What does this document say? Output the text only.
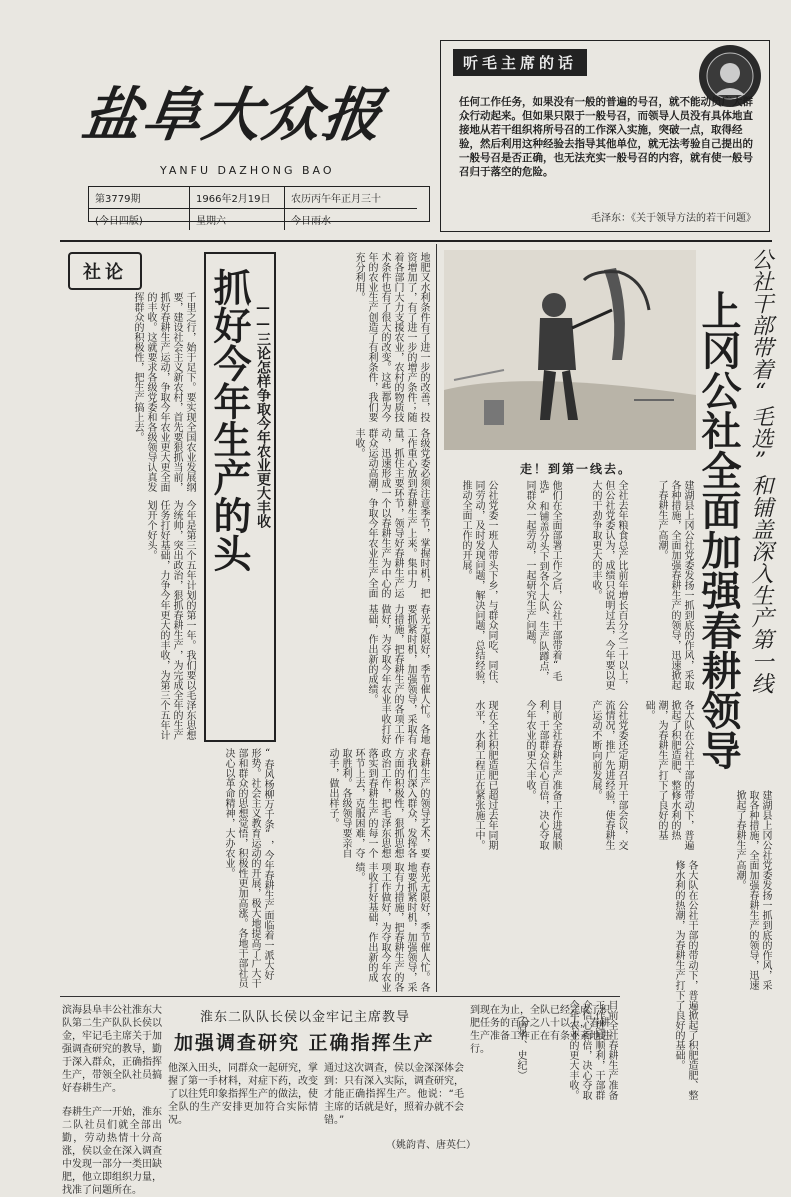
盐阜大众报
YANFU DAZHONG BAO
第3779期	1966年2月19日	农历丙午年正月三十
(今日四版)	星期六	今日雨水
听毛主席的话
任何工作任务，如果没有一般的普遍的号召，就不能动员广大群众行动起来。但如果只限于一般号召，而领导人员没有具体地直接地从若干组织将所号召的工作深入实施，突破一点，取得经验，然后利用这种经验去指导其他单位，就无法考验自己提出的一般号召是否正确，也无法充实一般号召的内容，就有使一般号召归于落空的危险。
毛泽东：《关于领导方法的若干问题》
社论
千里之行，始于足下。要实现全国农业发展纲要，建设社会主义新农村，首先要狠抓当前，抓好春耕生产运动，争取今年农业更大更全面的丰收。这就要求各级党委和各级领导认真发挥群众的积极性，把生产搞上去。
今年是第三个五年计划的第一年。我们要以毛泽东思想为统帅，突出政治，狠抓春耕生产，为完成全年的生产任务打好基础，力争今年更大的丰收，为第三个五年计划开个好头。
“春风杨柳万千条”，今年春耕生产面临着一派大好形势。社会主义教育运动的开展，极大地提高了广大干部和群众的思想觉悟，积极性更加高涨。各地干部社员决心以革命精神，大办农业。
抓好今年生产的头 ——三论怎样争取今年农业更大丰收	地肥又水利条件有了进一步的改善，投资增加了，有了进一步的增产条件；随着各部门大力支援农业，农村的物质技术条件也有了很大的改变。这些都为今年的农业生产创造了有利条件，我们要充分利用。
各级党委必须注意季节，掌握时机，把工作重心放到春耕生产上来。集中力量，抓住主要环节，领导好春耕生产运动，迅速形成一个以春耕生产为中心的群众运动高潮，争取今年农业生产全面丰收。
春耕生产的领导艺术，要求我们深入群众，发挥各方面的积极性，狠抓思想政治工作，把毛泽东思想落实到春耕生产的每一个环节上去，克服困难，夺取胜利。各级领导要亲自动手，做出样子。
春光无限好，季节催人忙。各地要抓紧时机，加强领导，采取有力措施，把春耕生产的各项工作做好，为夺取今年农业丰收打好基础，作出新的成绩。
春光无限好，季节催人忙。各地要抓紧时机，加强领导，采取有力措施，把春耕生产的各项工作做好，为夺取今年农业丰收打好基础，作出新的成绩。
走！到第一线去。	公社干部带着“毛选”和铺盖深入生产第一线
上冈公社全面加强春耕领导
建湖县上冈公社党委发扬一抓到底的作风，采取各种措施，全面加强春耕生产的领导，迅速掀起了春耕生产高潮。
全社去年粮食总产比前年增长百分之二十以上，但公社党委认为，成绩只说明过去，今年要以更大的干劲争取更大的丰收。
他们在全面部署工作之后，公社干部带着“毛选”和铺盖分头下到各个大队、生产队蹲点，同群众一起劳动，一起研究生产问题。
公社党委一班人带头下乡，与群众同吃、同住、同劳动，及时发现问题，解决问题，总结经验，推动全面工作的开展。
各大队在公社干部的带动下，普遍掀起了积肥造肥、整修水利的热潮，为春耕生产打下了良好的基础。
公社党委还定期召开干部会议，交流情况，推广先进经验，使春耕生产运动不断向前发展。
目前全社春耕生产准备工作进展顺利，干部群众信心百倍，决心夺取今年农业的更大丰收。
现在全社积肥造肥已超过去年同期水平，水利工程正在紧张施工中。
建湖县上冈公社党委发扬一抓到底的作风，采取各种措施，全面加强春耕生产的领导，迅速掀起了春耕生产高潮。
各大队在公社干部的带动下，普遍掀起了积肥造肥、整修水利的热潮，为春耕生产打下了良好的基础。
目前全社春耕生产准备工作进展顺利，干部群众信心百倍，决心夺取今年农业的更大丰收。
（唐华、史纪）
滨海县阜丰公社淮东大队第二生产队队长侯以金，牢记毛主席关于加强调查研究的教导，勤于深入群众，正确指挥生产，带领全队社员搞好春耕生产。
淮东二队队长侯以金牢记主席教导
加强调查研究 正确指挥生产
春耕生产一开始，淮东二队社员们就全部出勤，劳动热情十分高涨，侯以金在深入调查中发现一部分一类田缺肥，他立即组织力量，找准了问题所在。
他深入田头，同群众一起研究，掌握了第一手材料，对症下药，改变了以往凭印象指挥生产的做法，使全队的生产安排更加符合实际情况。
通过这次调查，侯以金深深体会到：只有深入实际，调查研究，才能正确指挥生产。他说：“毛主席的话就是好，照着办就不会错。”
到现在为止，全队已经完成了积肥任务的百分之八十以上，春耕生产准备工作正在有条不紊地进行。
（姚韵青、唐英仁）
